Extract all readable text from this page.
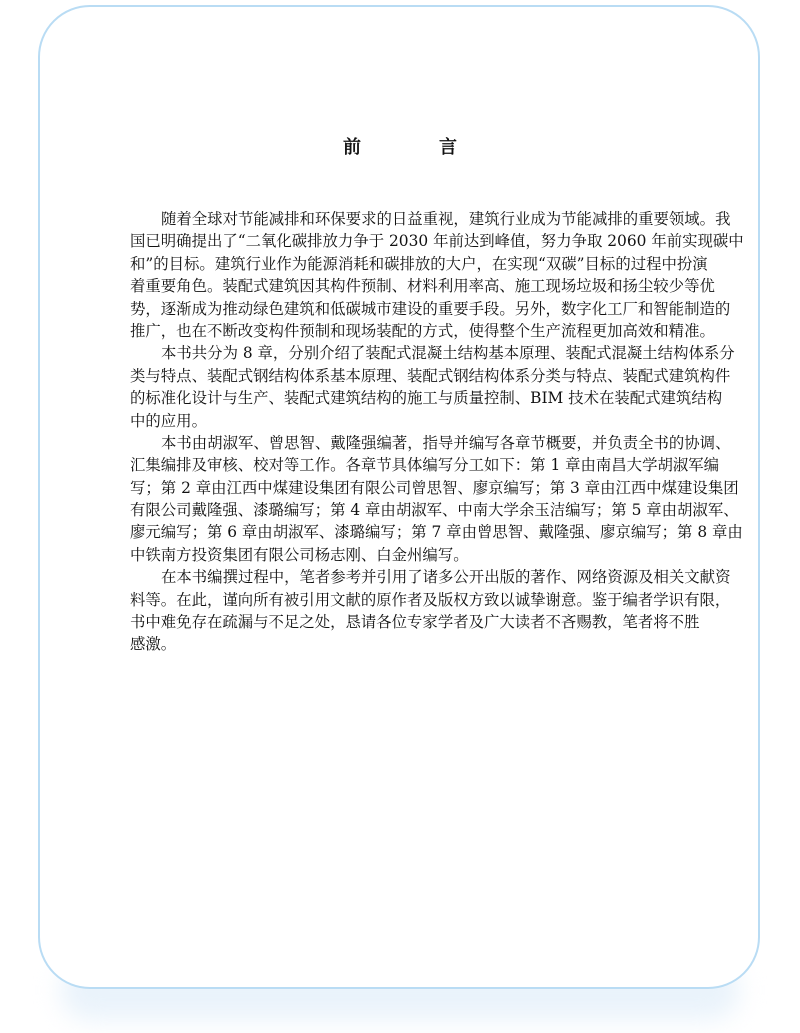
前　言
随着全球对节能减排和环保要求的日益重视，建筑行业成为节能减排的重要领域。我
国已明确提出了“二氧化碳排放力争于 2030 年前达到峰值，努力争取 2060 年前实现碳中
和”的目标。建筑行业作为能源消耗和碳排放的大户，在实现“双碳”目标的过程中扮演
着重要角色。装配式建筑因其构件预制、材料利用率高、施工现场垃圾和扬尘较少等优
势，逐渐成为推动绿色建筑和低碳城市建设的重要手段。另外，数字化工厂和智能制造的
推广，也在不断改变构件预制和现场装配的方式，使得整个生产流程更加高效和精准。
本书共分为 8 章，分别介绍了装配式混凝土结构基本原理、装配式混凝土结构体系分
类与特点、装配式钢结构体系基本原理、装配式钢结构体系分类与特点、装配式建筑构件
的标准化设计与生产、装配式建筑结构的施工与质量控制、BIM 技术在装配式建筑结构
中的应用。
本书由胡淑军、曾思智、戴隆强编著，指导并编写各章节概要，并负责全书的协调、
汇集编排及审核、校对等工作。各章节具体编写分工如下：第 1 章由南昌大学胡淑军编
写；第 2 章由江西中煤建设集团有限公司曾思智、廖京编写；第 3 章由江西中煤建设集团
有限公司戴隆强、漆璐编写；第 4 章由胡淑军、中南大学余玉洁编写；第 5 章由胡淑军、
廖元编写；第 6 章由胡淑军、漆璐编写；第 7 章由曾思智、戴隆强、廖京编写；第 8 章由
中铁南方投资集团有限公司杨志刚、白金州编写。
在本书编撰过程中，笔者参考并引用了诸多公开出版的著作、网络资源及相关文献资
料等。在此，谨向所有被引用文献的原作者及版权方致以诚挚谢意。鉴于编者学识有限，
书中难免存在疏漏与不足之处，恳请各位专家学者及广大读者不吝赐教，笔者将不胜
感激。
